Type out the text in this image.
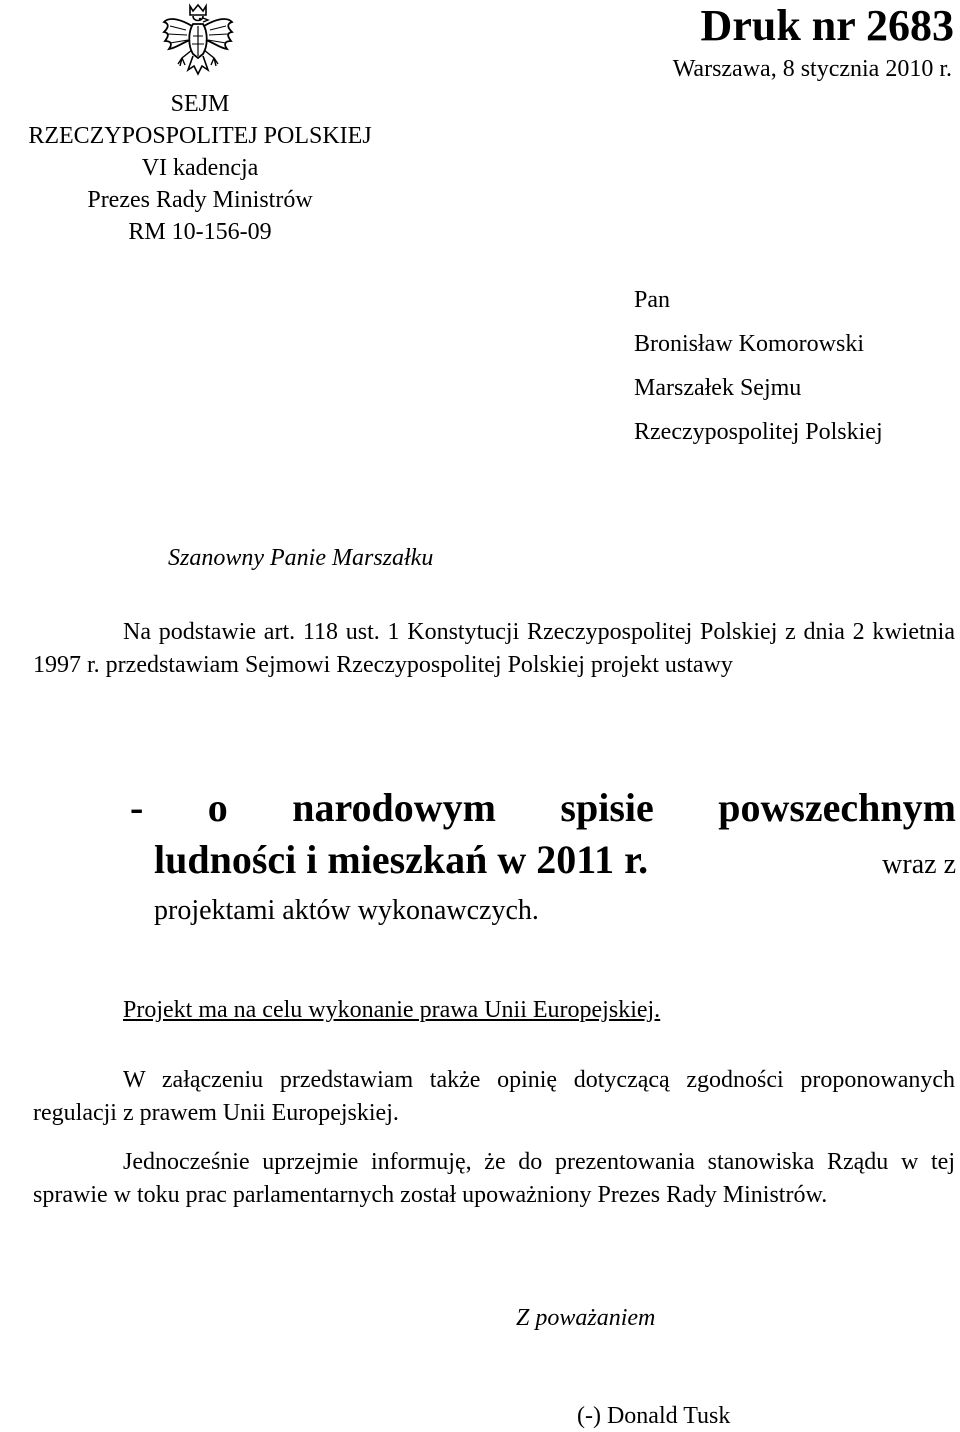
SEJM
RZECZYPOSPOLITEJ POLSKIEJ
VI kadencja
Prezes Rady Ministrów
RM 10-156-09
Druk nr 2683
Warszawa, 8 stycznia 2010 r.
Pan
Bronisław Komorowski
Marszałek Sejmu
Rzeczypospolitej Polskiej
Szanowny Panie Marszałku
Na podstawie art. 118 ust. 1 Konstytucji Rzeczypospolitej Polskiej z dnia 2 kwietnia 1997 r. przedstawiam Sejmowi Rzeczypospolitej Polskiej projekt ustawy
- o narodowym spisie powszechnym
ludności i mieszkań w 2011 r.	wraz z
projektami aktów wykonawczych.
Projekt ma na celu wykonanie prawa Unii Europejskiej.
W załączeniu przedstawiam także opinię dotyczącą zgodności proponowanych regulacji z prawem Unii Europejskiej.
Jednocześnie uprzejmie informuję, że do prezentowania stanowiska Rządu w tej sprawie w toku prac parlamentarnych został upoważniony Prezes Rady Ministrów.
Z poważaniem
(-) Donald Tusk
